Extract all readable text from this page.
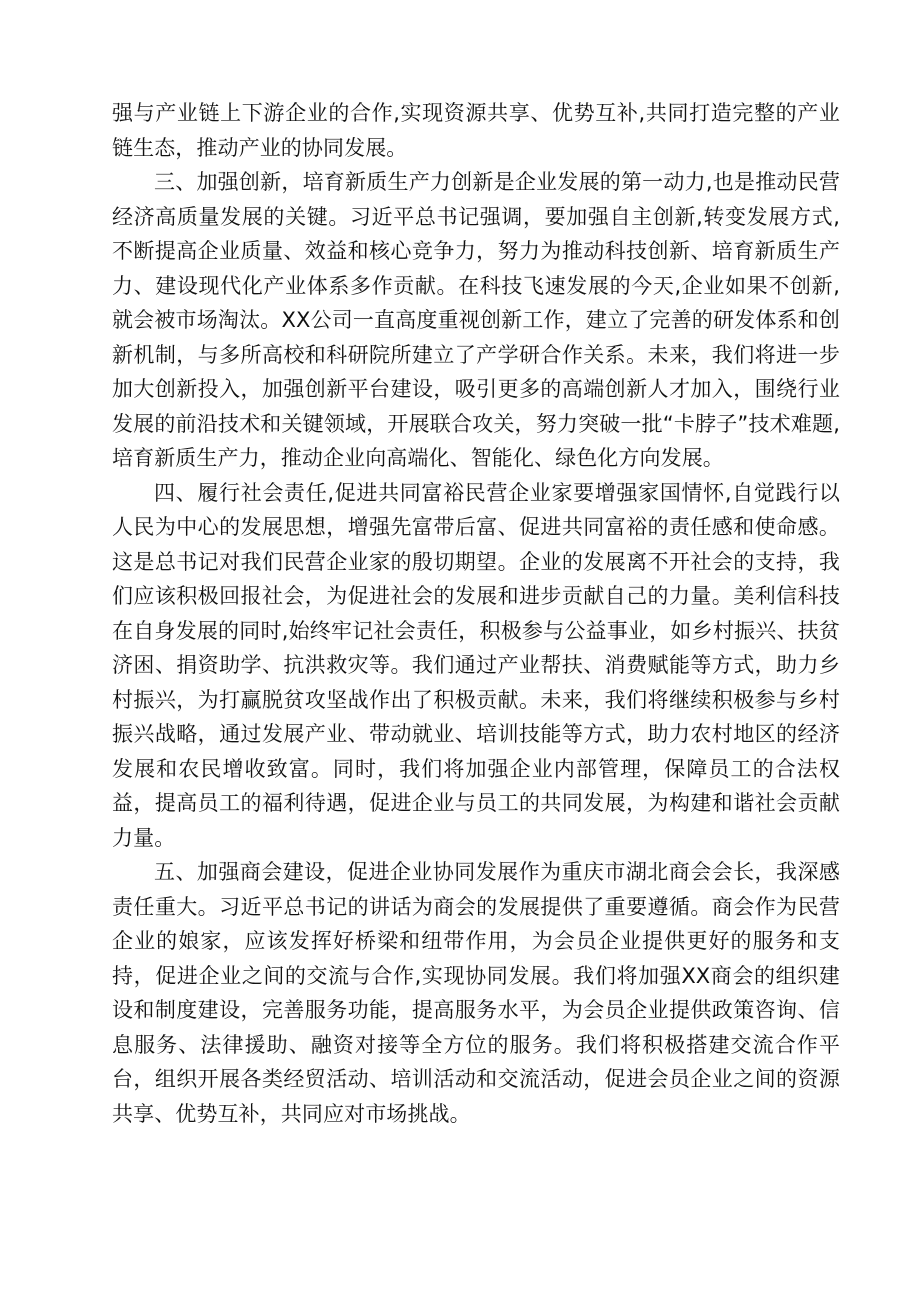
强与产业链上下游企业的合作,实现资源共享、优势互补,共同打造完整的产业链生态，推动产业的协同发展。

三、加强创新，培育新质生产力创新是企业发展的第一动力,也是推动民营经济高质量发展的关键。习近平总书记强调，要加强自主创新,转变发展方式,不断提高企业质量、效益和核心竞争力，努力为推动科技创新、培育新质生产力、建设现代化产业体系多作贡献。在科技飞速发展的今天,企业如果不创新,就会被市场淘汰。XX公司一直高度重视创新工作，建立了完善的研发体系和创新机制，与多所高校和科研院所建立了产学研合作关系。未来，我们将进一步加大创新投入，加强创新平台建设，吸引更多的高端创新人才加入，围绕行业发展的前沿技术和关键领域，开展联合攻关，努力突破一批“卡脖子”技术难题,培育新质生产力，推动企业向高端化、智能化、绿色化方向发展。

四、履行社会责任,促进共同富裕民营企业家要增强家国情怀,自觉践行以人民为中心的发展思想，增强先富带后富、促进共同富裕的责任感和使命感。这是总书记对我们民营企业家的殷切期望。企业的发展离不开社会的支持，我们应该积极回报社会，为促进社会的发展和进步贡献自己的力量。美利信科技在自身发展的同时,始终牢记社会责任，积极参与公益事业，如乡村振兴、扶贫济困、捐资助学、抗洪救灾等。我们通过产业帮扶、消费赋能等方式，助力乡村振兴，为打赢脱贫攻坚战作出了积极贡献。未来，我们将继续积极参与乡村振兴战略，通过发展产业、带动就业、培训技能等方式，助力农村地区的经济发展和农民增收致富。同时，我们将加强企业内部管理，保障员工的合法权益，提高员工的福利待遇，促进企业与员工的共同发展，为构建和谐社会贡献力量。

五、加强商会建设，促进企业协同发展作为重庆市湖北商会会长，我深感责任重大。习近平总书记的讲话为商会的发展提供了重要遵循。商会作为民营企业的娘家，应该发挥好桥梁和纽带作用，为会员企业提供更好的服务和支持，促进企业之间的交流与合作,实现协同发展。我们将加强XX商会的组织建设和制度建设，完善服务功能，提高服务水平，为会员企业提供政策咨询、信息服务、法律援助、融资对接等全方位的服务。我们将积极搭建交流合作平台，组织开展各类经贸活动、培训活动和交流活动，促进会员企业之间的资源共享、优势互补，共同应对市场挑战。
